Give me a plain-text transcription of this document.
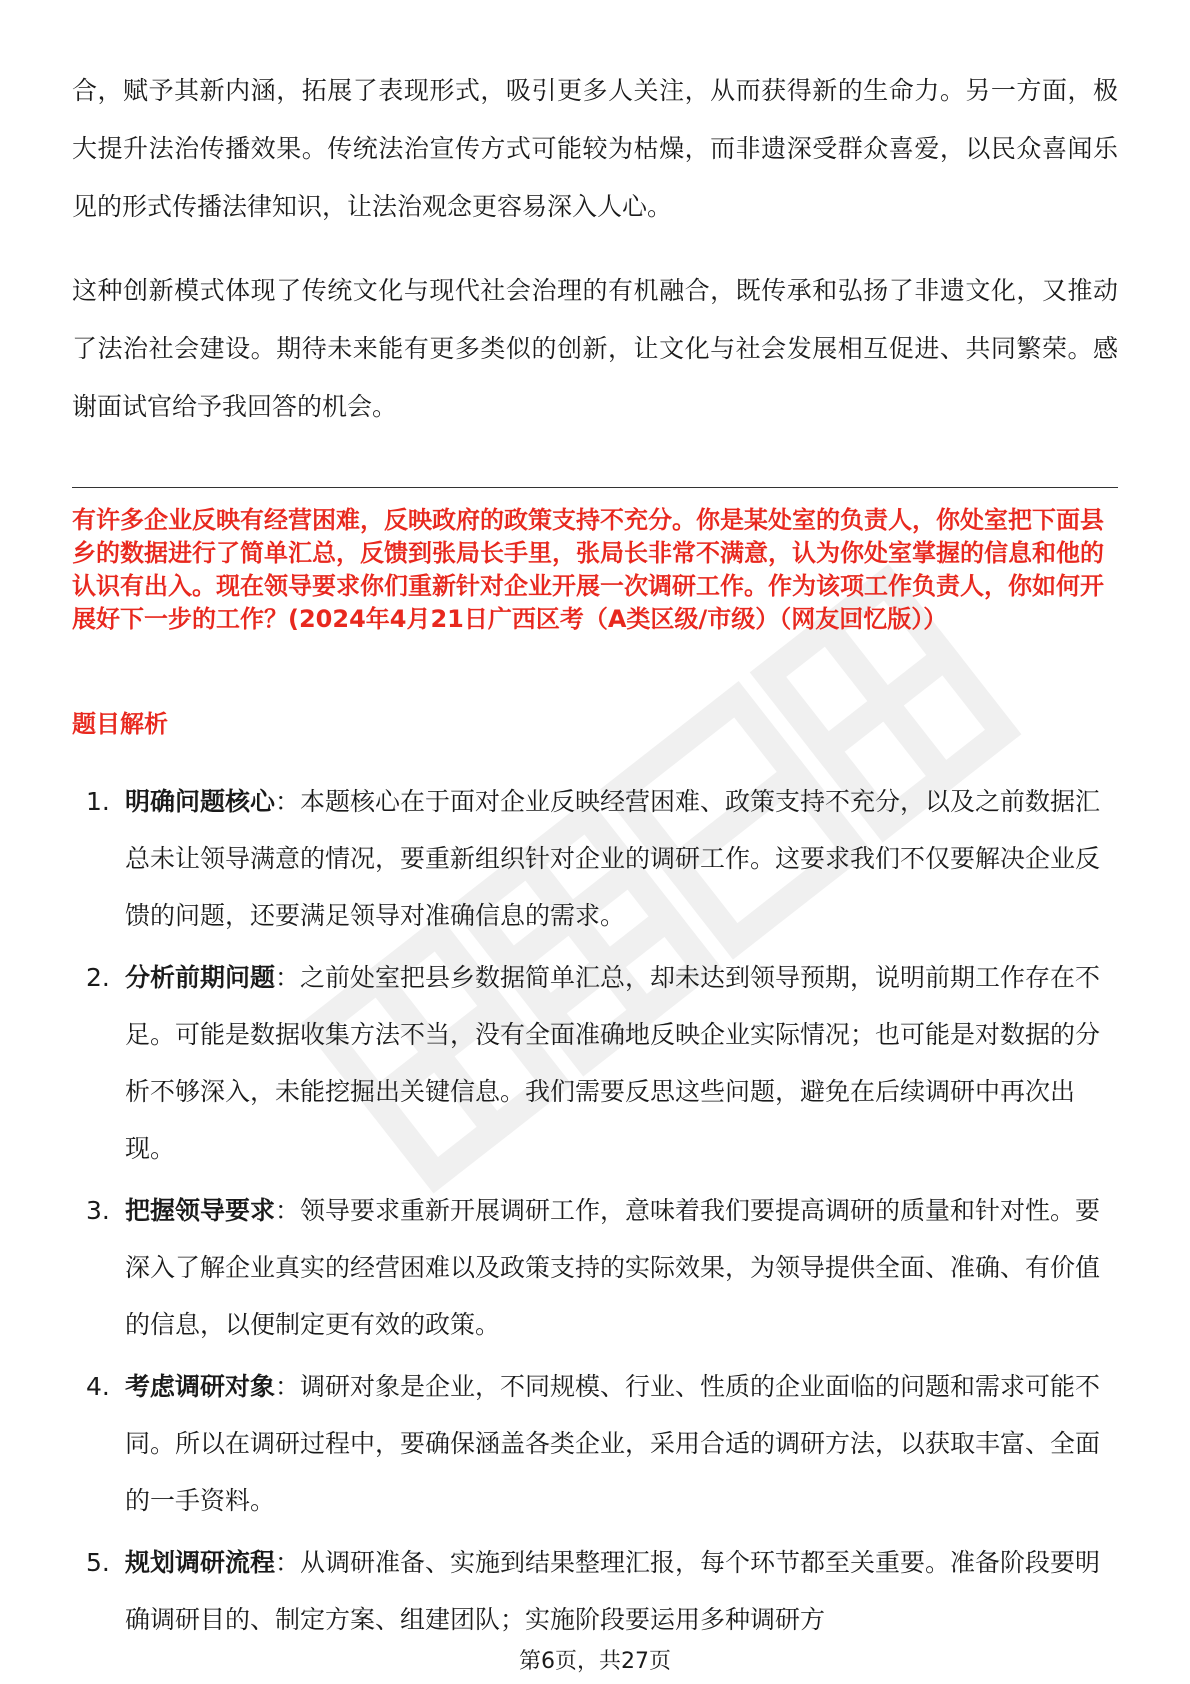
合，赋予其新内涵，拓展了表现形式，吸引更多人关注，从而获得新的生命力。另一方面，极大提升法治传播效果。传统法治宣传方式可能较为枯燥，而非遗深受群众喜爱，以民众喜闻乐见的形式传播法律知识，让法治观念更容易深入人心。

这种创新模式体现了传统文化与现代社会治理的有机融合，既传承和弘扬了非遗文化，又推动了法治社会建设。期待未来能有更多类似的创新，让文化与社会发展相互促进、共同繁荣。感谢面试官给予我回答的机会。

有许多企业反映有经营困难，反映政府的政策支持不充分。你是某处室的负责人，你处室把下面县乡的数据进行了简单汇总，反馈到张局长手里，张局长非常不满意，认为你处室掌握的信息和他的认识有出入。现在领导要求你们重新针对企业开展一次调研工作。作为该项工作负责人，你如何开展好下一步的工作？(2024年4月21日广西区考（A类区级/市级）（网友回忆版））

题目解析

1. 明确问题核心：本题核心在于面对企业反映经营困难、政策支持不充分，以及之前数据汇总未让领导满意的情况，要重新组织针对企业的调研工作。这要求我们不仅要解决企业反馈的问题，还要满足领导对准确信息的需求。
2. 分析前期问题：之前处室把县乡数据简单汇总，却未达到领导预期，说明前期工作存在不足。可能是数据收集方法不当，没有全面准确地反映企业实际情况；也可能是对数据的分析不够深入，未能挖掘出关键信息。我们需要反思这些问题，避免在后续调研中再次出现。
3. 把握领导要求：领导要求重新开展调研工作，意味着我们要提高调研的质量和针对性。要深入了解企业真实的经营困难以及政策支持的实际效果，为领导提供全面、准确、有价值的信息，以便制定更有效的政策。
4. 考虑调研对象：调研对象是企业，不同规模、行业、性质的企业面临的问题和需求可能不同。所以在调研过程中，要确保涵盖各类企业，采用合适的调研方法，以获取丰富、全面的一手资料。
5. 规划调研流程：从调研准备、实施到结果整理汇报，每个环节都至关重要。准备阶段要明确调研目的、制定方案、组建团队；实施阶段要运用多种调研方
第6页，共27页
